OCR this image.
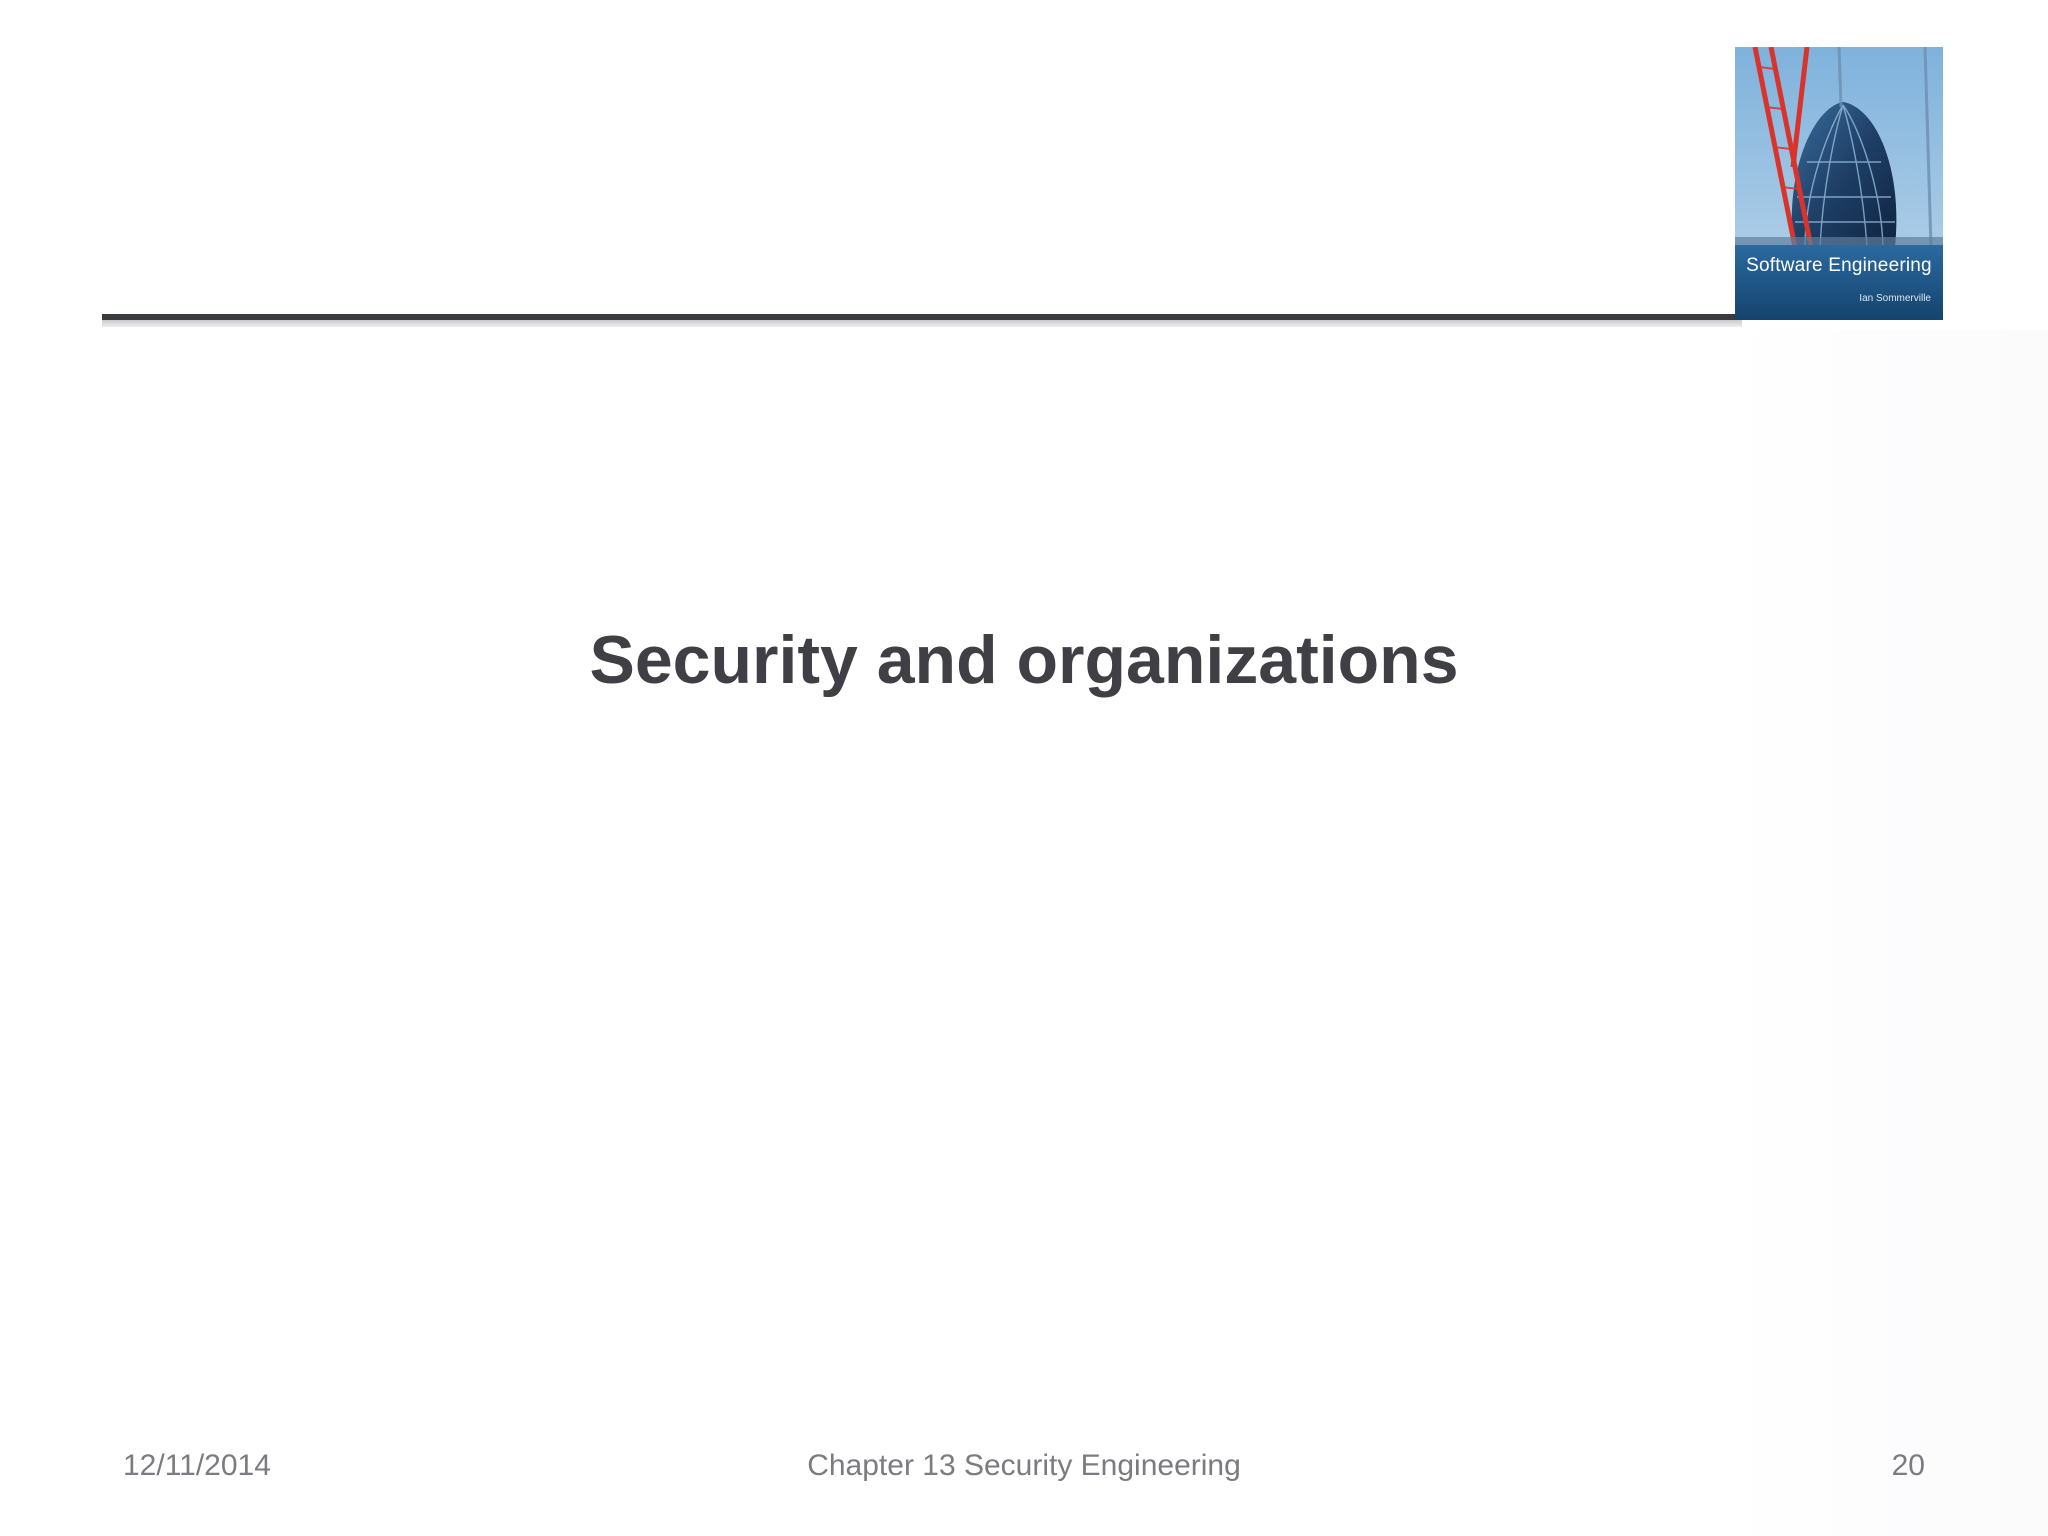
Software Engineering
Ian Sommerville
Security and organizations
12/11/2014	Chapter 13 Security Engineering	20
